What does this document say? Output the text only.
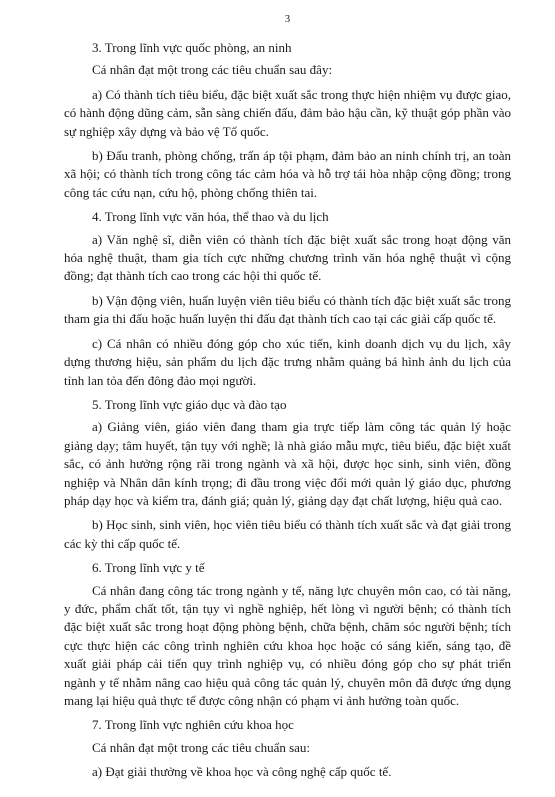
3

3. Trong lĩnh vực quốc phòng, an ninh

Cá nhân đạt một trong các tiêu chuẩn sau đây:

a) Có thành tích tiêu biểu, đặc biệt xuất sắc trong thực hiện nhiệm vụ được giao, có hành động dũng cảm, sẵn sàng chiến đấu, đảm bảo hậu cần, kỹ thuật góp phần vào sự nghiệp xây dựng và bảo vệ Tổ quốc.

b) Đấu tranh, phòng chống, trấn áp tội phạm, đảm bảo an ninh chính trị, an toàn xã hội; có thành tích trong công tác cảm hóa và hỗ trợ tái hòa nhập cộng đồng; trong công tác cứu nạn, cứu hộ, phòng chống thiên tai.

4. Trong lĩnh vực văn hóa, thể thao và du lịch

a) Văn nghệ sĩ, diễn viên có thành tích đặc biệt xuất sắc trong hoạt động văn hóa nghệ thuật, tham gia tích cực những chương trình văn hóa nghệ thuật vì cộng đồng; đạt thành tích cao trong các hội thi quốc tế.

b) Vận động viên, huấn luyện viên tiêu biểu có thành tích đặc biệt xuất sắc trong tham gia thi đấu hoặc huấn luyện thi đấu đạt thành tích cao tại các giải cấp quốc tế.

c) Cá nhân có nhiều đóng góp cho xúc tiến, kinh doanh dịch vụ du lịch, xây dựng thương hiệu, sản phẩm du lịch đặc trưng nhằm quảng bá hình ảnh du lịch của tỉnh lan tỏa đến đông đảo mọi người.

5. Trong lĩnh vực giáo dục và đào tạo

a) Giảng viên, giáo viên đang tham gia trực tiếp làm công tác quản lý hoặc giảng dạy; tâm huyết, tận tụy với nghề; là nhà giáo mẫu mực, tiêu biểu, đặc biệt xuất sắc, có ảnh hưởng rộng rãi trong ngành và xã hội, được học sinh, sinh viên, đồng nghiệp và Nhân dân kính trọng; đi đầu trong việc đổi mới quản lý giáo dục, phương pháp dạy học và kiểm tra, đánh giá; quản lý, giảng dạy đạt chất lượng, hiệu quả cao.

b) Học sinh, sinh viên, học viên tiêu biểu có thành tích xuất sắc và đạt giải trong các kỳ thi cấp quốc tế.

6. Trong lĩnh vực y tế

Cá nhân đang công tác trong ngành y tế, năng lực chuyên môn cao, có tài năng, y đức, phẩm chất tốt, tận tụy vì nghề nghiệp, hết lòng vì người bệnh; có thành tích đặc biệt xuất sắc trong hoạt động phòng bệnh, chữa bệnh, chăm sóc người bệnh; tích cực thực hiện các công trình nghiên cứu khoa học hoặc có sáng kiến, sáng tạo, đề xuất giải pháp cải tiến quy trình nghiệp vụ, có nhiều đóng góp cho sự phát triển ngành y tế nhằm nâng cao hiệu quả công tác quản lý, chuyên môn đã được ứng dụng mang lại hiệu quả thực tế được công nhận có phạm vi ảnh hưởng toàn quốc.

7. Trong lĩnh vực nghiên cứu khoa học

Cá nhân đạt một trong các tiêu chuẩn sau:

a) Đạt giải thưởng về khoa học và công nghệ cấp quốc tế.
